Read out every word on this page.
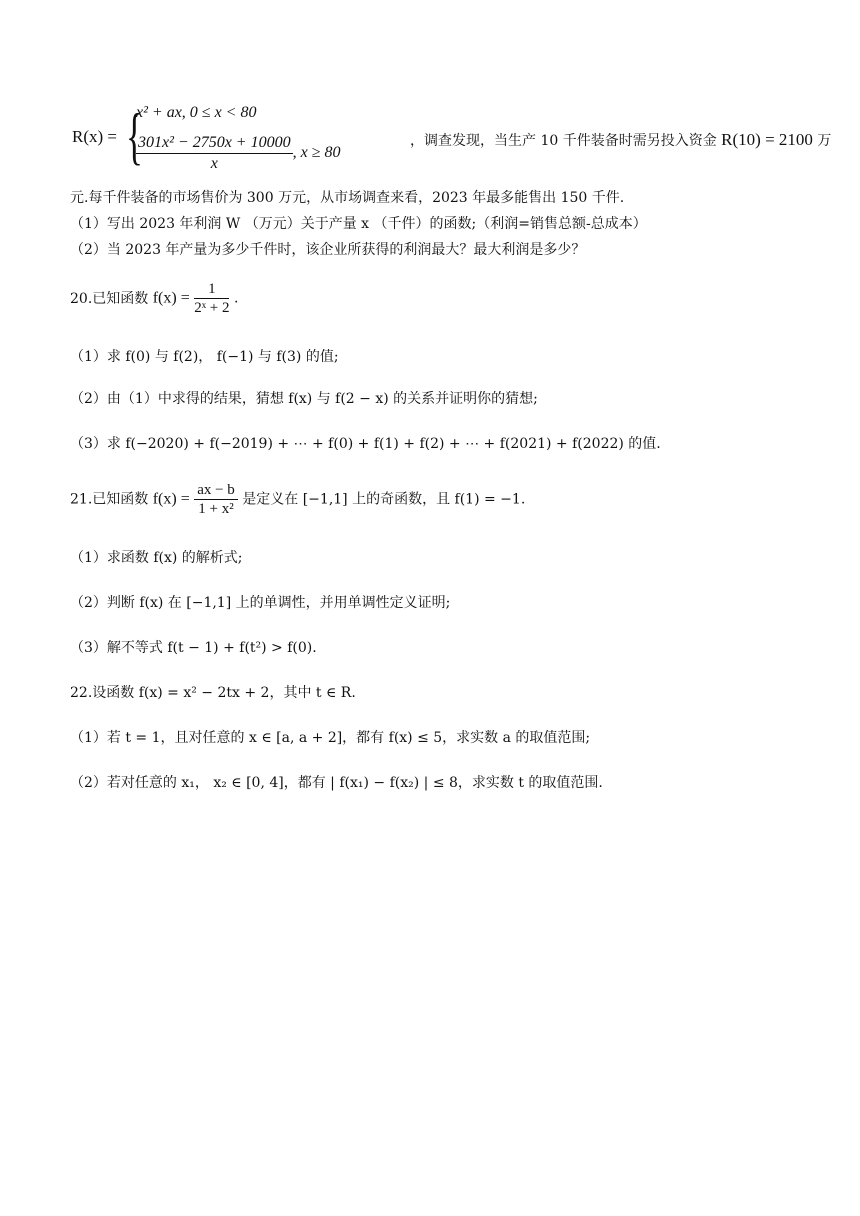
R(x) = {
x² + ax, 0 ≤ x < 80
$\frac{\text{301x² − 2750x + 10000}}{x}$ , x ≥ 80
，调查发现，当生产 10 千件装备时需另投入资金 R(10) = 2100 万
元.每千件装备的市场售价为 300 万元，从市场调查来看，2023 年最多能售出 150 千件.
（1）写出 2023 年利润 W （万元）关于产量 x （千件）的函数;（利润=销售总额-总成本）
（2）当 2023 年产量为多少千件时，该企业所获得的利润最大？最大利润是多少？
20.已知函数 $f(x) = \frac{1}{\text{2ˣ + 2}}$ .
（1）求 f(0) 与 f(2)， f(−1) 与 f(3) 的值;
（2）由（1）中求得的结果，猜想 f(x) 与 f(2 − x) 的关系并证明你的猜想;
（3）求 f(−2020) + f(−2019) + ⋯ + f(0) + f(1) + f(2) + ⋯ + f(2021) + f(2022) 的值.
21.已知函数 $f(x) = \frac{ax - b}{\text{1 + x²}}$ 是定义在 [−1,1] 上的奇函数，且 f(1) = −1.
（1）求函数 f(x) 的解析式;
（2）判断 f(x) 在 [−1,1] 上的单调性，并用单调性定义证明;
（3）解不等式 f(t − 1) + f(t²) > f(0).
22.设函数 f(x) = x² − 2tx + 2，其中 t ∈ R.
（1）若 t = 1，且对任意的 x ∈ [a, a + 2]，都有 f(x) ≤ 5，求实数 a 的取值范围;
（2）若对任意的 x₁， x₂ ∈ [0, 4]，都有 | f(x₁) − f(x₂) | ≤ 8，求实数 t 的取值范围.
